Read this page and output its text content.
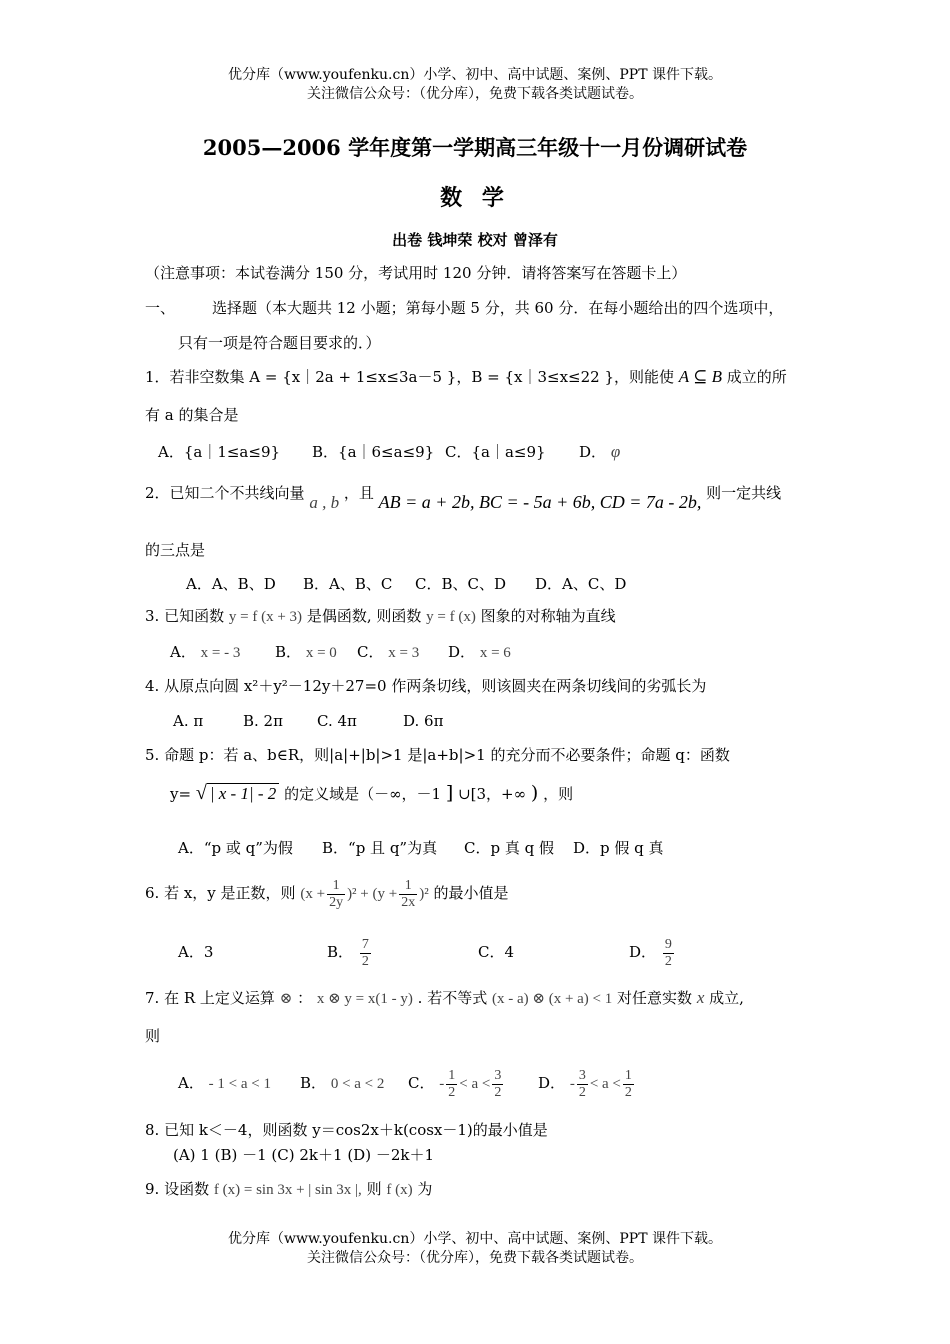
优分库（www.youfenku.cn）小学、初中、高中试题、案例、PPT 课件下载。
关注微信公众号：（优分库），免费下载各类试题试卷。
2005—2006 学年度第一学期高三年级十一月份调研试卷
数 学
出卷 钱坤荣 校对 曾泽有
（注意事项：本试卷满分 150 分，考试用时 120 分钟．请将答案写在答题卡上）
一、 选择题（本大题共 12 小题；第每小题 5 分，共 60 分．在每小题给出的四个选项中，
只有一项是符合题目要求的．）
1．若非空数集 A = {x｜2a + 1≤x≤3a－5 }，B = {x｜3≤x≤22 }，则能使 A ⊆ B 成立的所
有 a 的集合是
A．{a｜1≤a≤9} B．{a｜6≤a≤9} C．{a｜a≤9} D． φ
2．已知二个不共线向量 a , b ，且 AB = a + 2b, BC = - 5a + 6b, CD = 7a - 2b, 则一定共线
的三点是
A．A、B、D B．A、B、C C．B、C、D D．A、C、D
3. 已知函数 y = f (x + 3) 是偶函数, 则函数 y = f (x) 图象的对称轴为直线
A． x = - 3 B． x = 0 C． x = 3 D． x = 6
4. 从原点向圆 x²＋y²－12y＋27=0 作两条切线，则该圆夹在两条切线间的劣弧长为
A. π	B. 2π C. 4π	D. 6π
5. 命题 p：若 a、b∈R，则|a|+|b|>1 是|a+b|>1 的充分而不必要条件；命题 q：函数
y= √ | x - 1| - 2 的定义域是（－∞，－1 ] ∪[3，+∞ ) ，则
A．“p 或 q”为假 B．“p 且 q”为真 C．p 真 q 假 D．p 假 q 真
6. 若 x，y 是正数，则 $(x + \frac{1}{2y} )^2 + (y + \frac{1}{2x} )^2$ 的最小值是
A．3	B． $\frac{7}{2}$	C．4	D． $\frac{9}{2}$
7. 在 R 上定义运算 ⊗ ： x ⊗ y = x(1 - y) . 若不等式 (x - a) ⊗ (x + a) < 1 对任意实数 x 成立,
则
A． - 1 < a < 1 B． 0 < a < 2 C． - $\frac{1}{2} < a < \frac{3}{2}$ D． - $\frac{3}{2} < a < \frac{1}{2}$
8. 已知 k＜－4，则函数 y＝cos2x＋k(cosx－1)的最小值是
(A) 1 (B) －1 (C) 2k＋1 (D) －2k＋1
9. 设函数 f (x) = sin 3x + | sin 3x |, 则 f (x) 为
优分库（www.youfenku.cn）小学、初中、高中试题、案例、PPT 课件下载。
关注微信公众号：（优分库），免费下载各类试题试卷。
